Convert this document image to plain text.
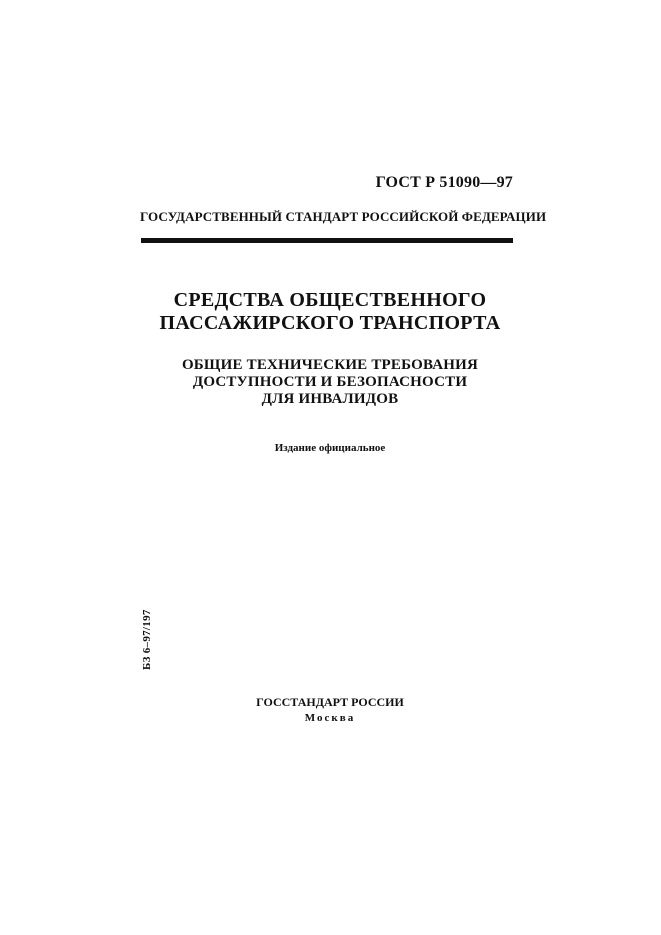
ГОСТ Р 51090—97
ГОСУДАРСТВЕННЫЙ СТАНДАРТ РОССИЙСКОЙ ФЕДЕРАЦИИ
СРЕДСТВА ОБЩЕСТВЕННОГО
ПАССАЖИРСКОГО ТРАНСПОРТА
ОБЩИЕ ТЕХНИЧЕСКИЕ ТРЕБОВАНИЯ
ДОСТУПНОСТИ И БЕЗОПАСНОСТИ
ДЛЯ ИНВАЛИДОВ
Издание официальное
БЗ 6–97/197
ГОССТАНДАРТ РОССИИ
Москва
